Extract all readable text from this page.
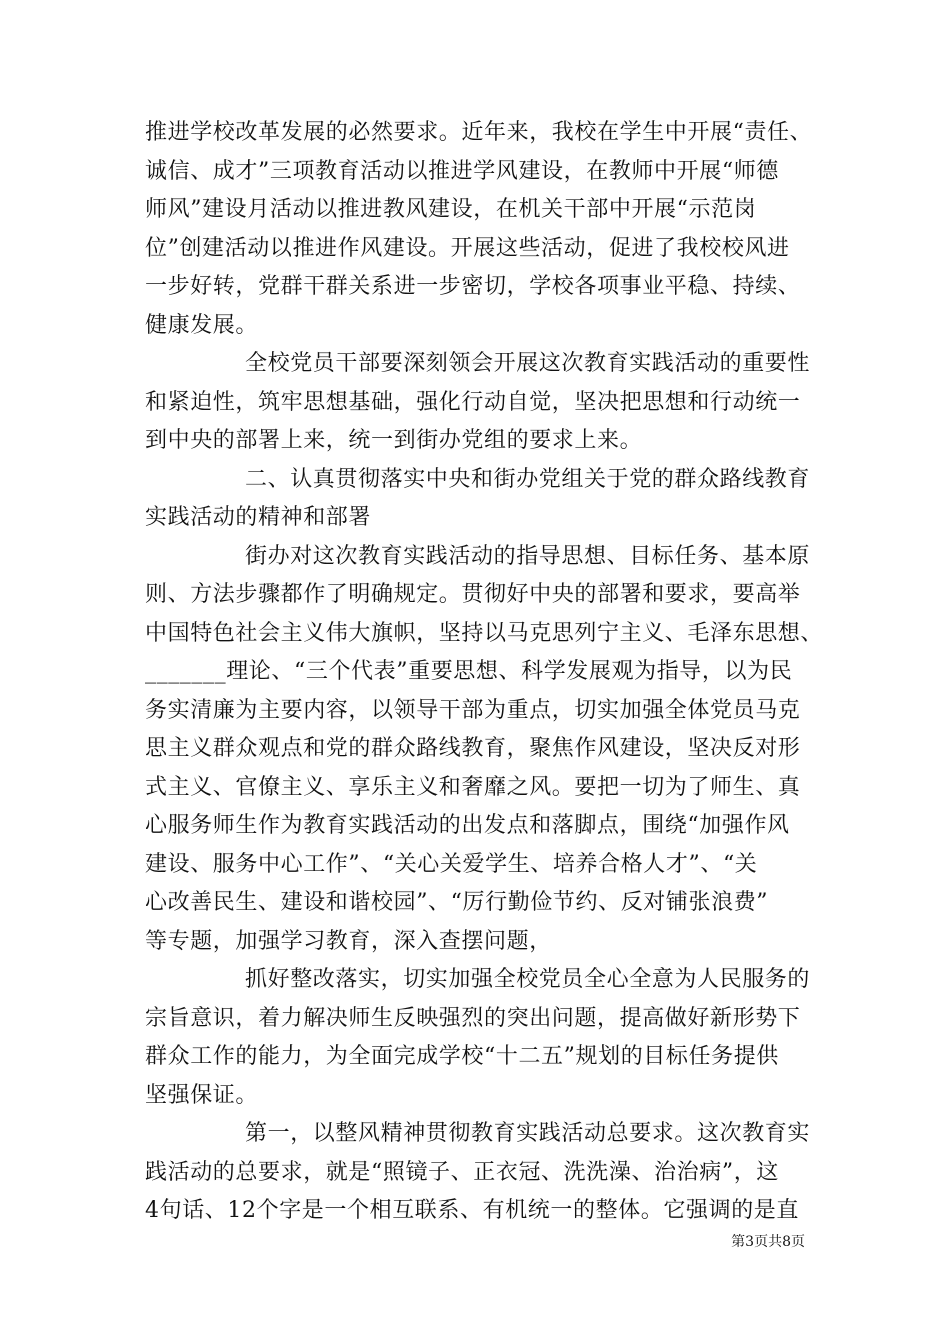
推进学校改革发展的必然要求。近年来，我校在学生中开展“责任、
诚信、成才”三项教育活动以推进学风建设，在教师中开展“师德
师风”建设月活动以推进教风建设，在机关干部中开展“示范岗
位”创建活动以推进作风建设。开展这些活动，促进了我校校风进
一步好转，党群干群关系进一步密切，学校各项事业平稳、持续、
健康发展。
全校党员干部要深刻领会开展这次教育实践活动的重要性
和紧迫性，筑牢思想基础，强化行动自觉，坚决把思想和行动统一
到中央的部署上来，统一到街办党组的要求上来。
二、认真贯彻落实中央和街办党组关于党的群众路线教育
实践活动的精神和部署
街办对这次教育实践活动的指导思想、目标任务、基本原
则、方法步骤都作了明确规定。贯彻好中央的部署和要求，要高举
中国特色社会主义伟大旗帜，坚持以马克思列宁主义、毛泽东思想、
_______理论、“三个代表”重要思想、科学发展观为指导，以为民
务实清廉为主要内容，以领导干部为重点，切实加强全体党员马克
思主义群众观点和党的群众路线教育，聚焦作风建设，坚决反对形
式主义、官僚主义、享乐主义和奢靡之风。要把一切为了师生、真
心服务师生作为教育实践活动的出发点和落脚点，围绕“加强作风
建设、服务中心工作”、“关心关爱学生、培养合格人才”、“关
心改善民生、建设和谐校园”、“厉行勤俭节约、反对铺张浪费”
等专题，加强学习教育，深入查摆问题，
抓好整改落实，切实加强全校党员全心全意为人民服务的
宗旨意识，着力解决师生反映强烈的突出问题，提高做好新形势下
群众工作的能力，为全面完成学校“十二五”规划的目标任务提供
坚强保证。
第一，以整风精神贯彻教育实践活动总要求。这次教育实
践活动的总要求，就是“照镜子、正衣冠、洗洗澡、治治病”，这
4句话、12个字是一个相互联系、有机统一的整体。它强调的是直
第3页共8页
